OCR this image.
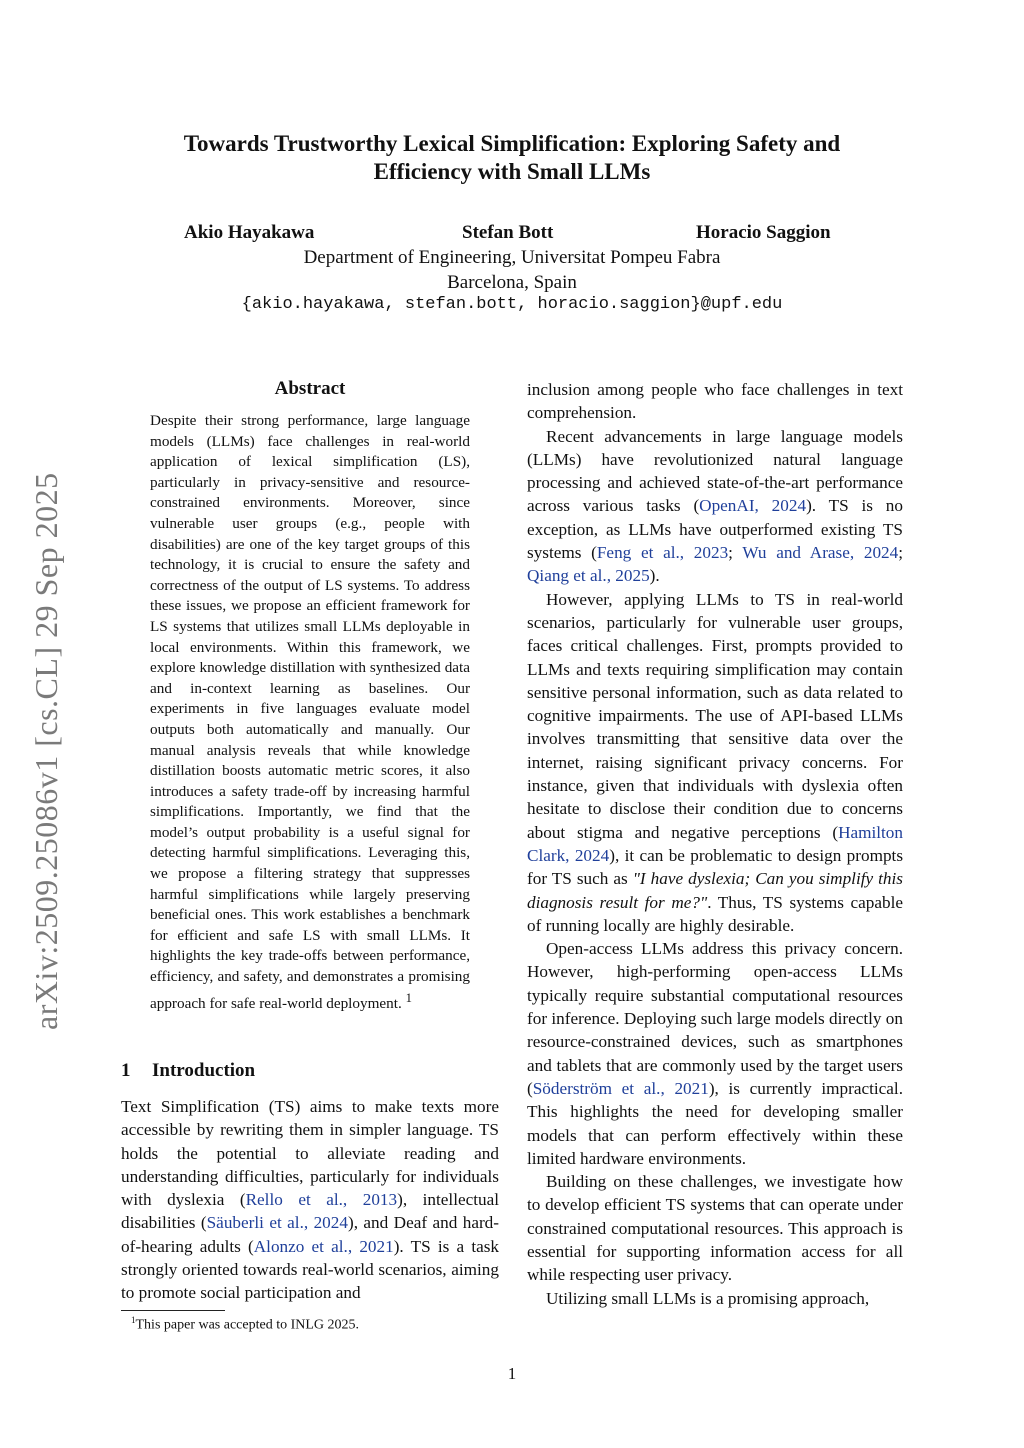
Towards Trustworthy Lexical Simplification: Exploring Safety and Efficiency with Small LLMs
Akio Hayakawa	Stefan Bott	Horacio Saggion
Department of Engineering, Universitat Pompeu Fabra
Barcelona, Spain
{akio.hayakawa, stefan.bott, horacio.saggion}@upf.edu
arXiv:2509.25086v1 [cs.CL] 29 Sep 2025
Abstract

Despite their strong performance, large language models (LLMs) face challenges in real-world application of lexical simplification (LS), particularly in privacy-sensitive and resource-constrained environments. Moreover, since vulnerable user groups (e.g., people with disabilities) are one of the key target groups of this technology, it is crucial to ensure the safety and correctness of the output of LS systems. To address these issues, we propose an efficient framework for LS systems that utilizes small LLMs deployable in local environments. Within this framework, we explore knowledge distillation with synthesized data and in-context learning as baselines. Our experiments in five languages evaluate model outputs both automatically and manually. Our manual analysis reveals that while knowledge distillation boosts automatic metric scores, it also introduces a safety trade-off by increasing harmful simplifications. Importantly, we find that the model’s output probability is a useful signal for detecting harmful simplifications. Leveraging this, we propose a filtering strategy that suppresses harmful simplifications while largely preserving beneficial ones. This work establishes a benchmark for efficient and safe LS with small LLMs. It highlights the key trade-offs between performance, efficiency, and safety, and demonstrates a promising approach for safe real-world deployment. $^1$

1 Introduction

Text Simplification (TS) aims to make texts more accessible by rewriting them in simpler language. TS holds the potential to alleviate reading and understanding difficulties, particularly for individuals with dyslexia (Rello et al., 2013), intellectual disabilities (Säuberli et al., 2024), and Deaf and hard-of-hearing adults (Alonzo et al., 2021). TS is a task strongly oriented towards real-world scenarios, aiming to promote social participation and

$^1$This paper was accepted to INLG 2025.

inclusion among people who face challenges in text comprehension.

Recent advancements in large language models (LLMs) have revolutionized natural language processing and achieved state-of-the-art performance across various tasks (OpenAI, 2024). TS is no exception, as LLMs have outperformed existing TS systems (Feng et al., 2023; Wu and Arase, 2024; Qiang et al., 2025).

However, applying LLMs to TS in real-world scenarios, particularly for vulnerable user groups, faces critical challenges. First, prompts provided to LLMs and texts requiring simplification may contain sensitive personal information, such as data related to cognitive impairments. The use of API-based LLMs involves transmitting that sensitive data over the internet, raising significant privacy concerns. For instance, given that individuals with dyslexia often hesitate to disclose their condition due to concerns about stigma and negative perceptions (Hamilton Clark, 2024), it can be problematic to design prompts for TS such as "I have dyslexia; Can you simplify this diagnosis result for me?". Thus, TS systems capable of running locally are highly desirable.

Open-access LLMs address this privacy concern. However, high-performing open-access LLMs typically require substantial computational resources for inference. Deploying such large models directly on resource-constrained devices, such as smartphones and tablets that are commonly used by the target users (Söderström et al., 2021), is currently impractical. This highlights the need for developing smaller models that can perform effectively within these limited hardware environments.

Building on these challenges, we investigate how to develop efficient TS systems that can operate under constrained computational resources. This approach is essential for supporting information access for all while respecting user privacy.

Utilizing small LLMs is a promising approach,

1
